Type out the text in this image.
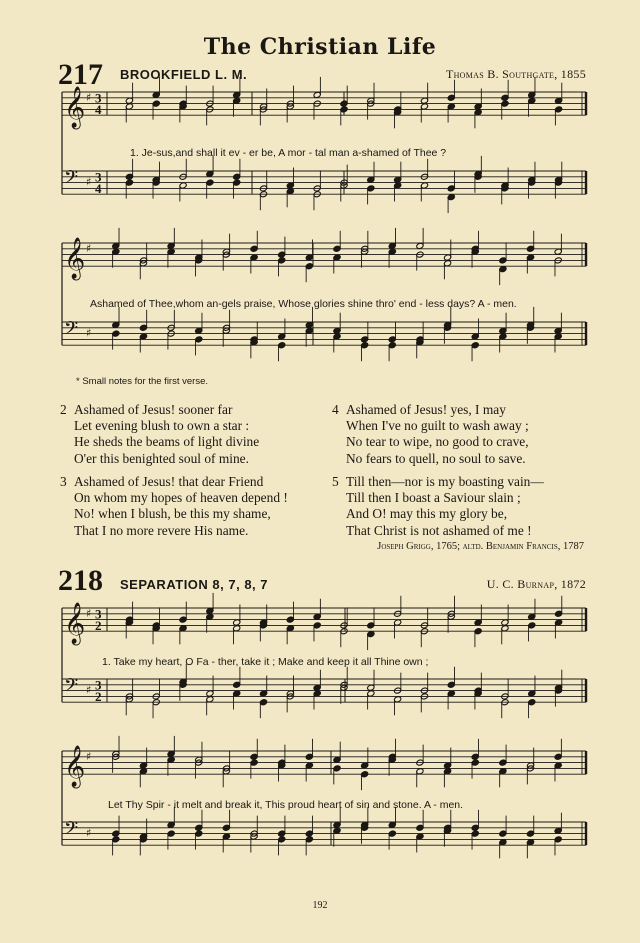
The Christian Life
217 BROOKFIELD L. M.	Thomas B. Southgate, 1855
𝄞 ♯ 3
4
𝄢 ♯ 3
4
𝄞 ♯
𝄢 ♯
𝄞 ♯ 3
2
𝄢 ♯ 3
2
𝄞 ♯
𝄢 ♯
1. Je-sus,and shall it ev - er be, A mor - tal man a-shamed of Thee ?
Ashamed of Thee,whom an-gels praise, Whose glories shine thro' end - less days? A - men.
* Small notes for the first verse.
2 Ashamed of Jesus! sooner far
Let evening blush to own a star :
He sheds the beams of light divine
O'er this benighted soul of mine.
3 Ashamed of Jesus! that dear Friend
On whom my hopes of heaven depend !
No! when I blush, be this my shame,
That I no more revere His name.
4 Ashamed of Jesus! yes, I may
When I've no guilt to wash away ;
No tear to wipe, no good to crave,
No fears to quell, no soul to save.
5 Till then—nor is my boasting vain—
Till then I boast a Saviour slain ;
And O! may this my glory be,
That Christ is not ashamed of me !
Joseph Grigg, 1765; altd. Benjamin Francis, 1787
218 SEPARATION 8, 7, 8, 7	U. C. Burnap, 1872
1. Take my heart, O Fa - ther, take it ; Make and keep it all Thine own ;
Let Thy Spir - it melt and break it, This proud heart of sin and stone. A - men.
192
